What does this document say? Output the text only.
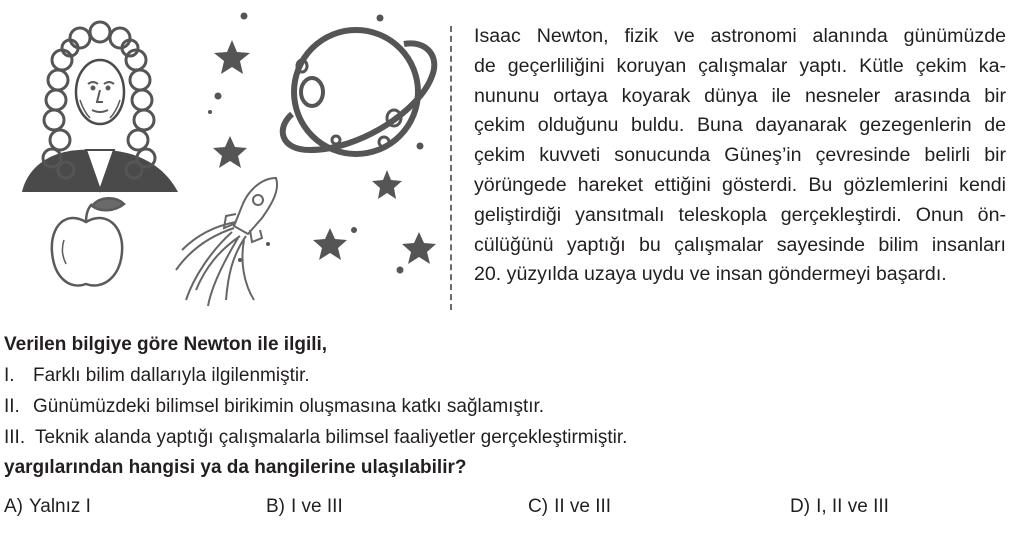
Isaac Newton, fizik ve astronomi alanında günümüzde
de geçerliliğini koruyan çalışmalar yaptı. Kütle çekim ka-
nununu ortaya koyarak dünya ile nesneler arasında bir
çekim olduğunu buldu. Buna dayanarak gezegenlerin de
çekim kuvveti sonucunda Güneş’in çevresinde belirli bir
yörüngede hareket ettiğini gösterdi. Bu gözlemlerini kendi
geliştirdiği yansıtmalı teleskopla gerçekleştirdi. Onun ön-
cülüğünü yaptığı bu çalışmalar sayesinde bilim insanları
20. yüzyılda uzaya uydu ve insan göndermeyi başardı.
Verilen bilgiye göre Newton ile ilgili,
I. Farklı bilim dallarıyla ilgilenmiştir.
II. Günümüzdeki bilimsel birikimin oluşmasına katkı sağlamıştır.
III. Teknik alanda yaptığı çalışmalarla bilimsel faaliyetler gerçekleştirmiştir.
yargılarından hangisi ya da hangilerine ulaşılabilir?
A) Yalnız I	B) I ve III	C) II ve III	D) I, II ve III
